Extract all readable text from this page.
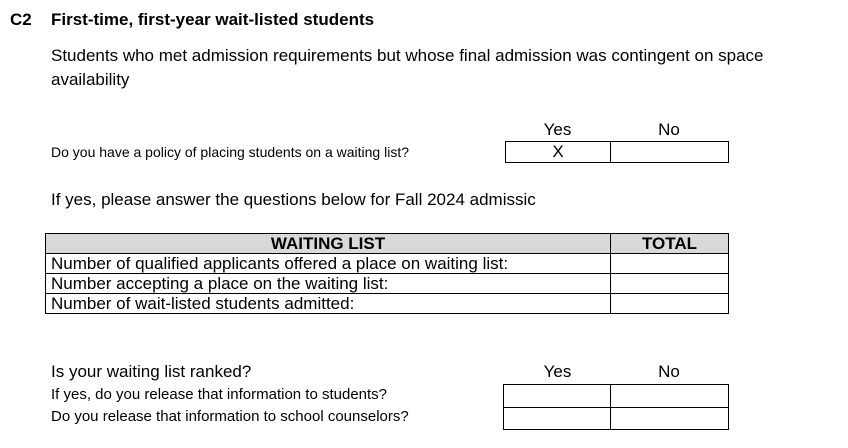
C2 First-time, first-year wait-listed students
Students who met admission requirements but whose final admission was contingent on space availability
Yes	No
Do you have a policy of placing students on a waiting list?	X
If yes, please answer the questions below for Fall 2024 admissic
WAITING LIST	TOTAL
Number of qualified applicants offered a place on waiting list:	
Number accepting a place on the waiting list:	
Number of wait-listed students admitted:	
Is your waiting list ranked?	Yes	No
If yes, do you release that information to students?
Do you release that information to school counselors?
